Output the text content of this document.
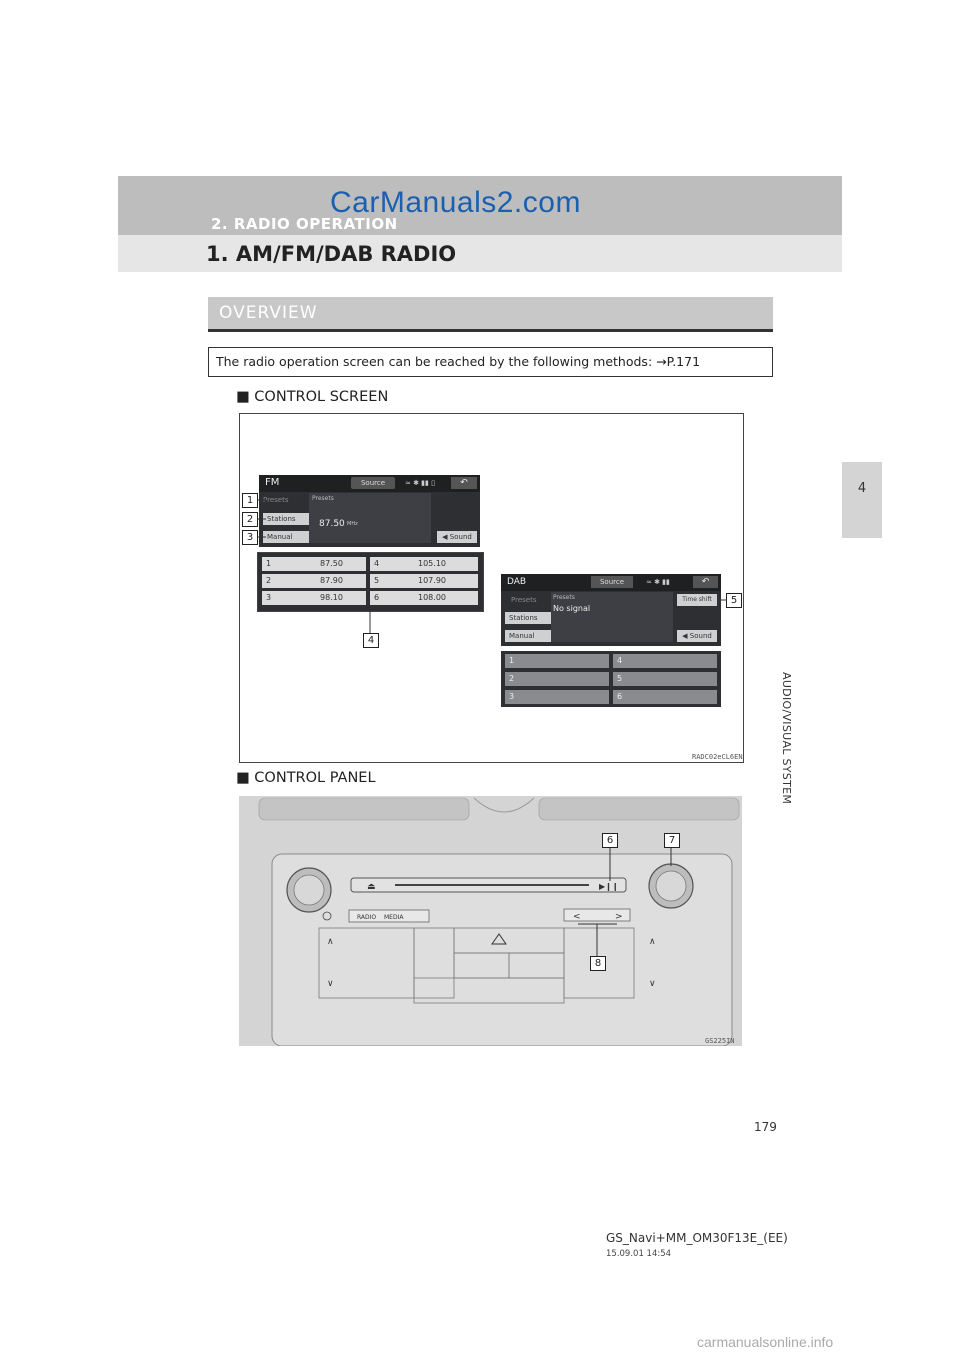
2. RADIO OPERATION
CarManuals2.com
1. AM/FM/DAB RADIO
4
AUDIO/VISUAL SYSTEM
OVERVIEW
The radio operation screen can be reached by the following methods: →P.171
■ CONTROL SCREEN
FM	Source	≈ ✱ ▮▮ ▯	↶
Presets
Stations
Manual
Presets
87.50 MHz
◀ Sound
1	87.50
2	87.90
3	98.10
4	105.10
5	107.90
6	108.00
DAB	Source	≈ ✱ ▮▮	↶
Presets
Stations
Manual
Presets
No signal
Time shift
◀ Sound
1
2
3
4
5
6
1
2
3
4
5
RADC02eCL6EN
■ CONTROL PANEL
⏏	▶❙❙
RADIO MEDIA	<	>
∧
∨
∧
∨
6	7
8
GS225IN
179
GS_Navi+MM_OM30F13E_(EE)
15.09.01 14:54
carmanualsonline.info
